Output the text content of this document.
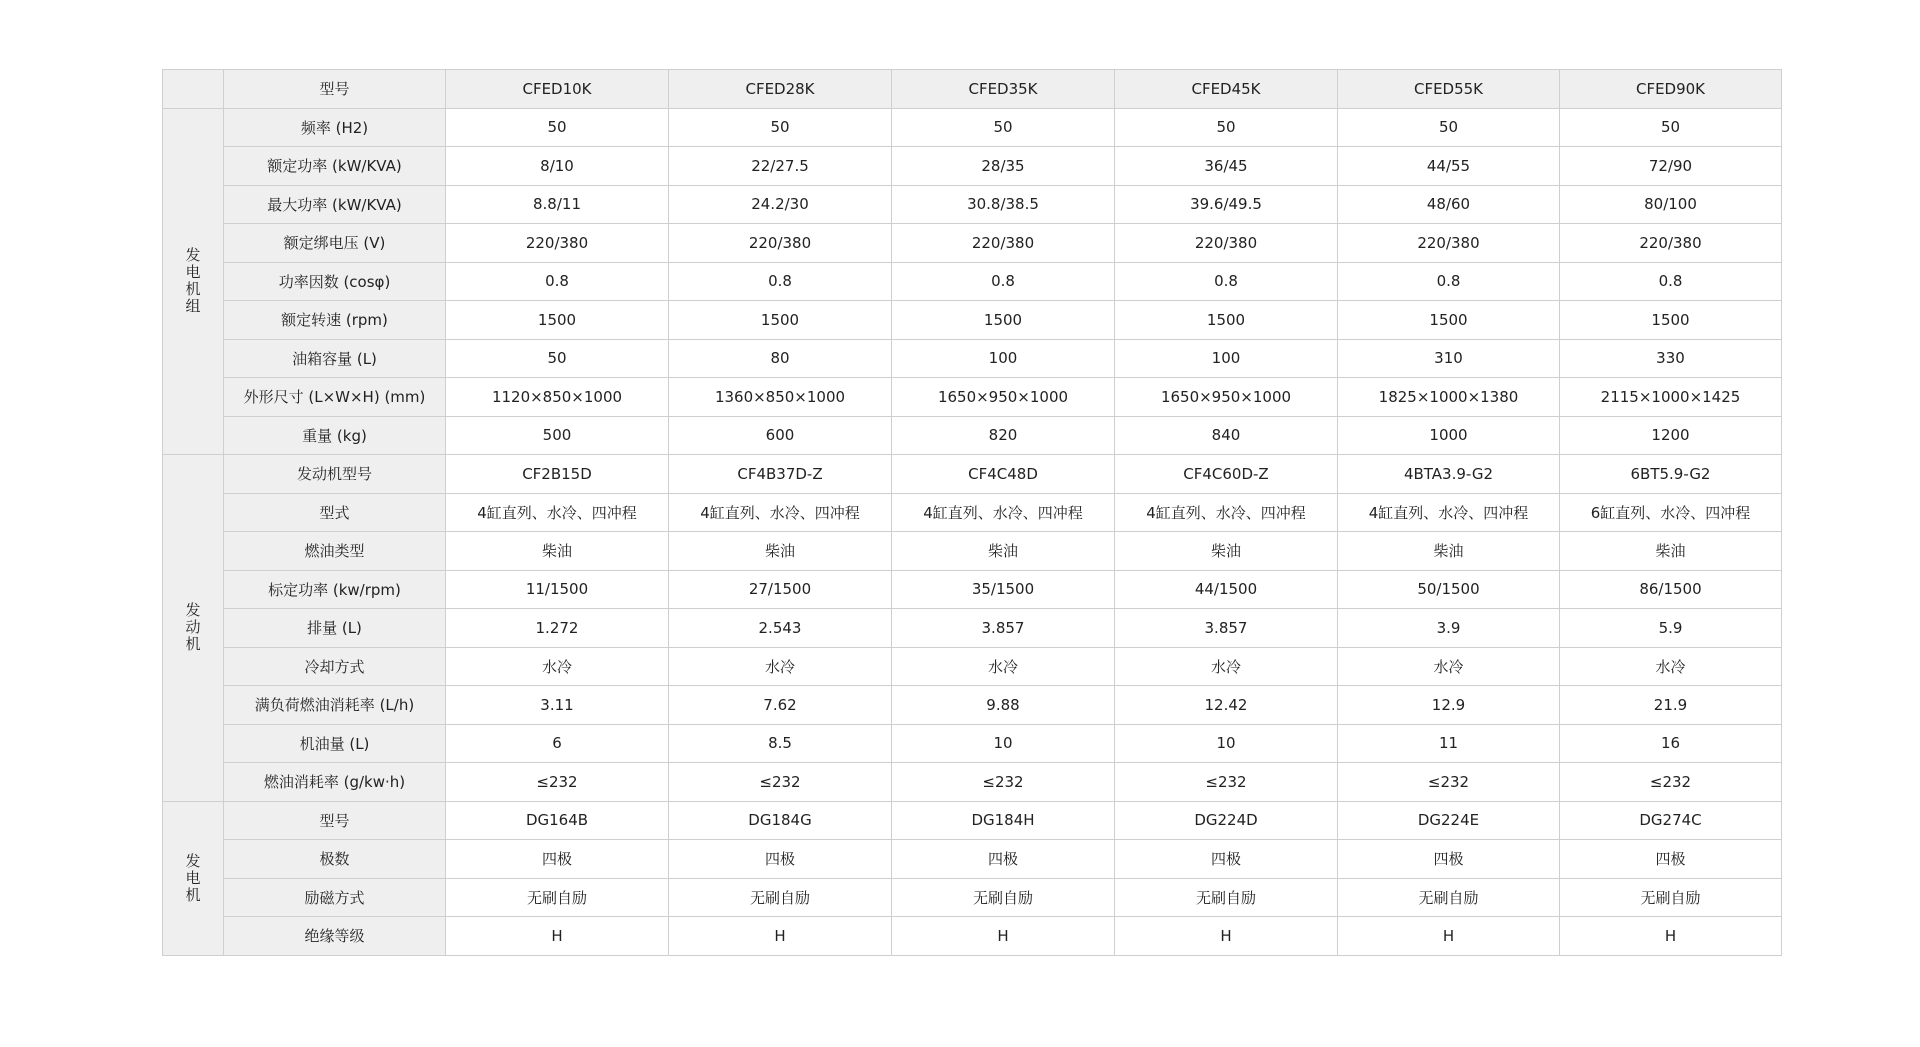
	型号	CFED10K	CFED28K	CFED35K	CFED45K	CFED55K	CFED90K
发电机组	频率 (H2)	50	50	50	50	50	50
	额定功率 (kW/KVA)	8/10	22/27.5	28/35	36/45	44/55	72/90
	最大功率 (kW/KVA)	8.8/11	24.2/30	30.8/38.5	39.6/49.5	48/60	80/100
	额定绑电压 (V)	220/380	220/380	220/380	220/380	220/380	220/380
	功率因数 (cosφ)	0.8	0.8	0.8	0.8	0.8	0.8
	额定转速 (rpm)	1500	1500	1500	1500	1500	1500
	油箱容量 (L)	50	80	100	100	310	330
	外形尺寸 (L×W×H) (mm)	1120×850×1000	1360×850×1000	1650×950×1000	1650×950×1000	1825×1000×1380	2115×1000×1425
	重量 (kg)	500	600	820	840	1000	1200
发动机	发动机型号	CF2B15D	CF4B37D-Z	CF4C48D	CF4C60D-Z	4BTA3.9-G2	6BT5.9-G2
	型式	4缸直列、水冷、四冲程	4缸直列、水冷、四冲程	4缸直列、水冷、四冲程	4缸直列、水冷、四冲程	4缸直列、水冷、四冲程	6缸直列、水冷、四冲程
	燃油类型	柴油	柴油	柴油	柴油	柴油	柴油
	标定功率 (kw/rpm)	11/1500	27/1500	35/1500	44/1500	50/1500	86/1500
	排量 (L)	1.272	2.543	3.857	3.857	3.9	5.9
	冷却方式	水冷	水冷	水冷	水冷	水冷	水冷
	满负荷燃油消耗率 (L/h)	3.11	7.62	9.88	12.42	12.9	21.9
	机油量 (L)	6	8.5	10	10	11	16
	燃油消耗率 (g/kw·h)	≤232	≤232	≤232	≤232	≤232	≤232
发电机	型号	DG164B	DG184G	DG184H	DG224D	DG224E	DG274C
	极数	四极	四极	四极	四极	四极	四极
	励磁方式	无刷自励	无刷自励	无刷自励	无刷自励	无刷自励	无刷自励
	绝缘等级	H	H	H	H	H	H
